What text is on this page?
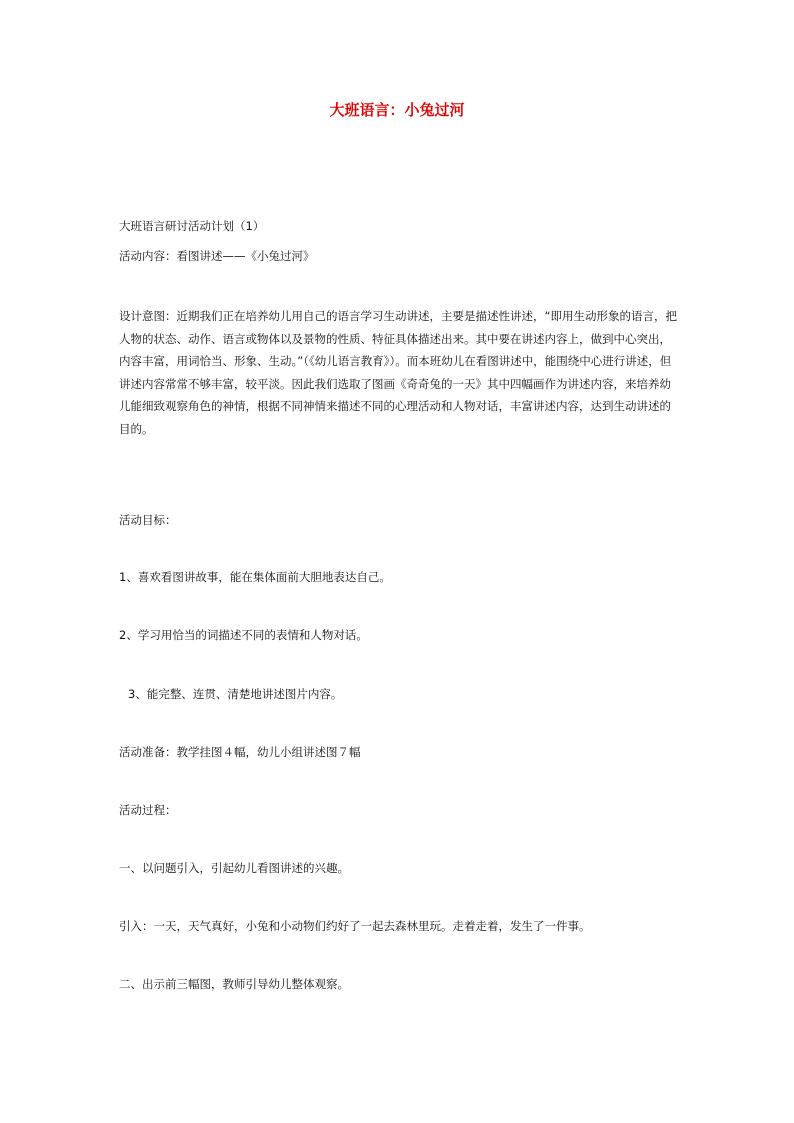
大班语言：小兔过河
大班语言研讨活动计划（1）
活动内容：看图讲述——《小兔过河》
设计意图：近期我们正在培养幼儿用自己的语言学习生动讲述，主要是描述性讲述，“即用生动形象的语言，把人物的状态、动作、语言或物体以及景物的性质、特征具体描述出来。其中要在讲述内容上，做到中心突出，内容丰富，用词恰当、形象、生动。”（《幼儿语言教育》）。而本班幼儿在看图讲述中，能围绕中心进行讲述，但讲述内容常常不够丰富，较平淡。因此我们选取了图画《奇奇兔的一天》其中四幅画作为讲述内容，来培养幼儿能细致观察角色的神情，根据不同神情来描述不同的心理活动和人物对话，丰富讲述内容，达到生动讲述的目的。
活动目标：
1、喜欢看图讲故事，能在集体面前大胆地表达自己。
2、学习用恰当的词描述不同的表情和人物对话。
3、能完整、连贯、清楚地讲述图片内容。
活动准备：教学挂图４幅，幼儿小组讲述图７幅
活动过程：
一、以问题引入，引起幼儿看图讲述的兴趣。
引入：一天，天气真好，小兔和小动物们约好了一起去森林里玩。走着走着，发生了一件事。
二、出示前三幅图，教师引导幼儿整体观察。
